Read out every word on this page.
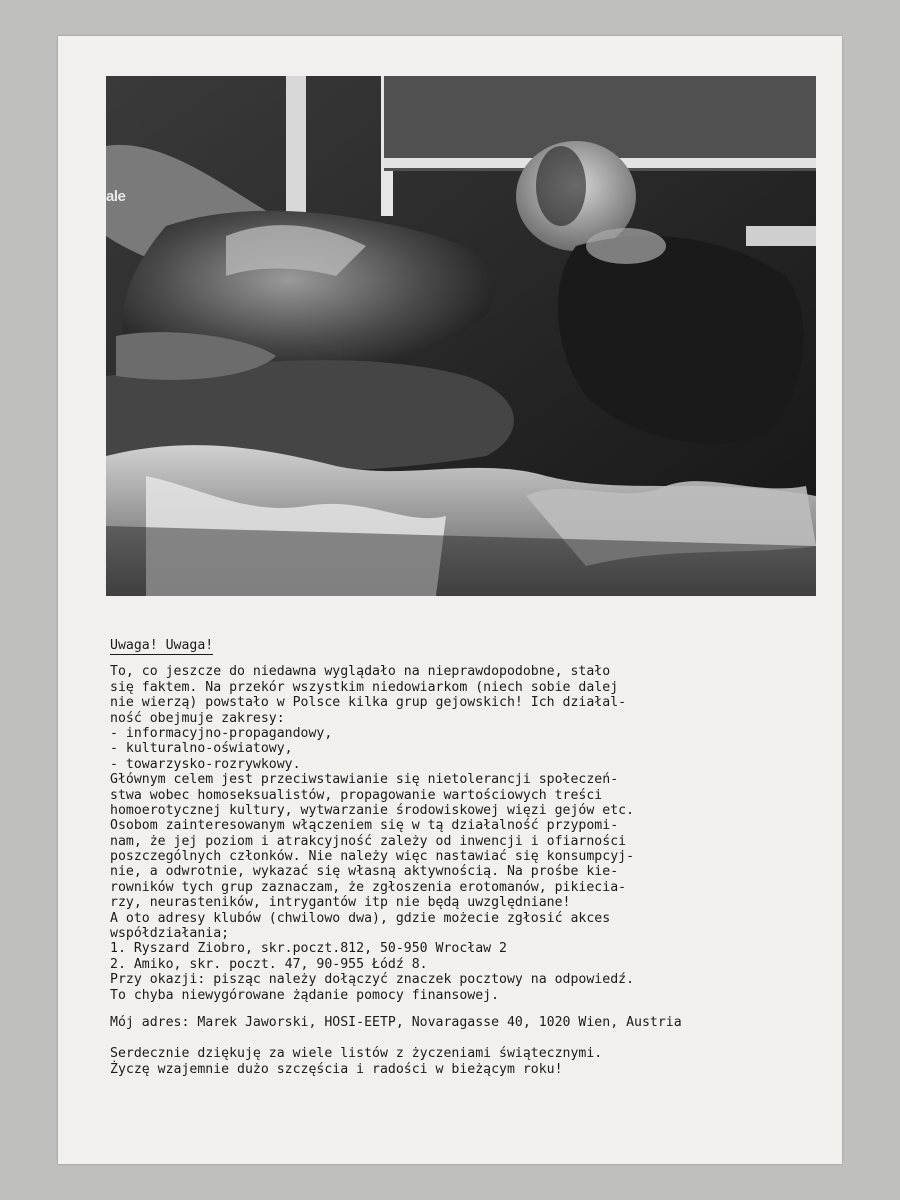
ale
Uwaga! Uwaga!
To, co jeszcze do niedawna wyglądało na nieprawdopodobne, stało
się faktem. Na przekór wszystkim niedowiarkom (niech sobie dalej
nie wierzą) powstało w Polsce kilka grup gejowskich! Ich działal-
ność obejmuje zakresy:
- informacyjno-propagandowy,
- kulturalno-oświatowy,
- towarzysko-rozrywkowy.
Głównym celem jest przeciwstawianie się nietolerancji społeczeń-
stwa wobec homoseksualistów, propagowanie wartościowych treści
homoerotycznej kultury, wytwarzanie środowiskowej więzi gejów etc.
Osobom zainteresowanym włączeniem się w tą działalność przypomi-
nam, że jej poziom i atrakcyjność zależy od inwencji i ofiarności
poszczególnych członków. Nie należy więc nastawiać się konsumpcyj-
nie, a odwrotnie, wykazać się własną aktywnością. Na prośbe kie-
rowników tych grup zaznaczam, że zgłoszenia erotomanów, pikiecia-
rzy, neurasteników, intrygantów itp nie będą uwzględniane!
A oto adresy klubów (chwilowo dwa), gdzie możecie zgłosić akces
współdziałania;
1. Ryszard Ziobro, skr.poczt.812, 50-950 Wrocław 2
2. Amiko, skr. poczt. 47, 90-955 Łódź 8.
Przy okazji: pisząc należy dołączyć znaczek pocztowy na odpowiedź.
To chyba niewygórowane żądanie pomocy finansowej.
Mój adres: Marek Jaworski, HOSI-EETP, Novaragasse 40, 1020 Wien, Austria
Serdecznie dziękuję za wiele listów z życzeniami świątecznymi.
Życzę wzajemnie dużo szczęścia i radości w bieżącym roku!
